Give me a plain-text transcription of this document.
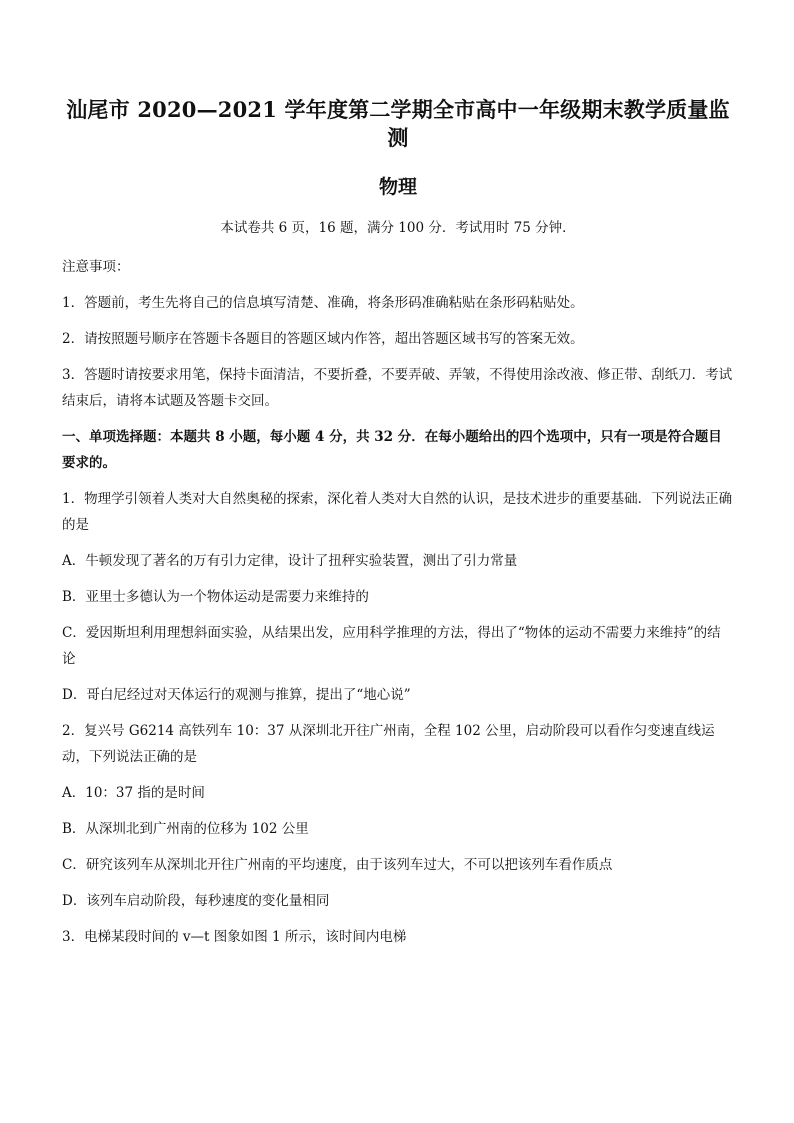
汕尾市 2020—2021 学年度第二学期全市高中一年级期末教学质量监测
物理

本试卷共 6 页，16 题，满分 100 分．考试用时 75 分钟．

注意事项：

1．答题前，考生先将自己的信息填写清楚、准确，将条形码准确粘贴在条形码粘贴处。

2．请按照题号顺序在答题卡各题目的答题区域内作答，超出答题区域书写的答案无效。

3．答题时请按要求用笔，保持卡面清洁，不要折叠，不要弄破、弄皱，不得使用涂改液、修正带、刮纸刀．考试结束后，请将本试题及答题卡交回。

一、单项选择题：本题共 8 小题，每小题 4 分，共 32 分．在每小题给出的四个选项中，只有一项是符合题目要求的。

1．物理学引领着人类对大自然奥秘的探索，深化着人类对大自然的认识，是技术进步的重要基础．下列说法正确的是

A．牛顿发现了著名的万有引力定律，设计了扭秤实验装置，测出了引力常量

B．亚里士多德认为一个物体运动是需要力来维持的

C．爱因斯坦利用理想斜面实验，从结果出发，应用科学推理的方法，得出了“物体的运动不需要力来维持”的结论

D．哥白尼经过对天体运行的观测与推算，提出了“地心说”

2．复兴号 G6214 高铁列车 10：37 从深圳北开往广州南，全程 102 公里，启动阶段可以看作匀变速直线运动，下列说法正确的是

A．10：37 指的是时间

B．从深圳北到广州南的位移为 102 公里

C．研究该列车从深圳北开往广州南的平均速度，由于该列车过大，不可以把该列车看作质点

D．该列车启动阶段，每秒速度的变化量相同

3．电梯某段时间的 v—t 图象如图 1 所示，该时间内电梯
